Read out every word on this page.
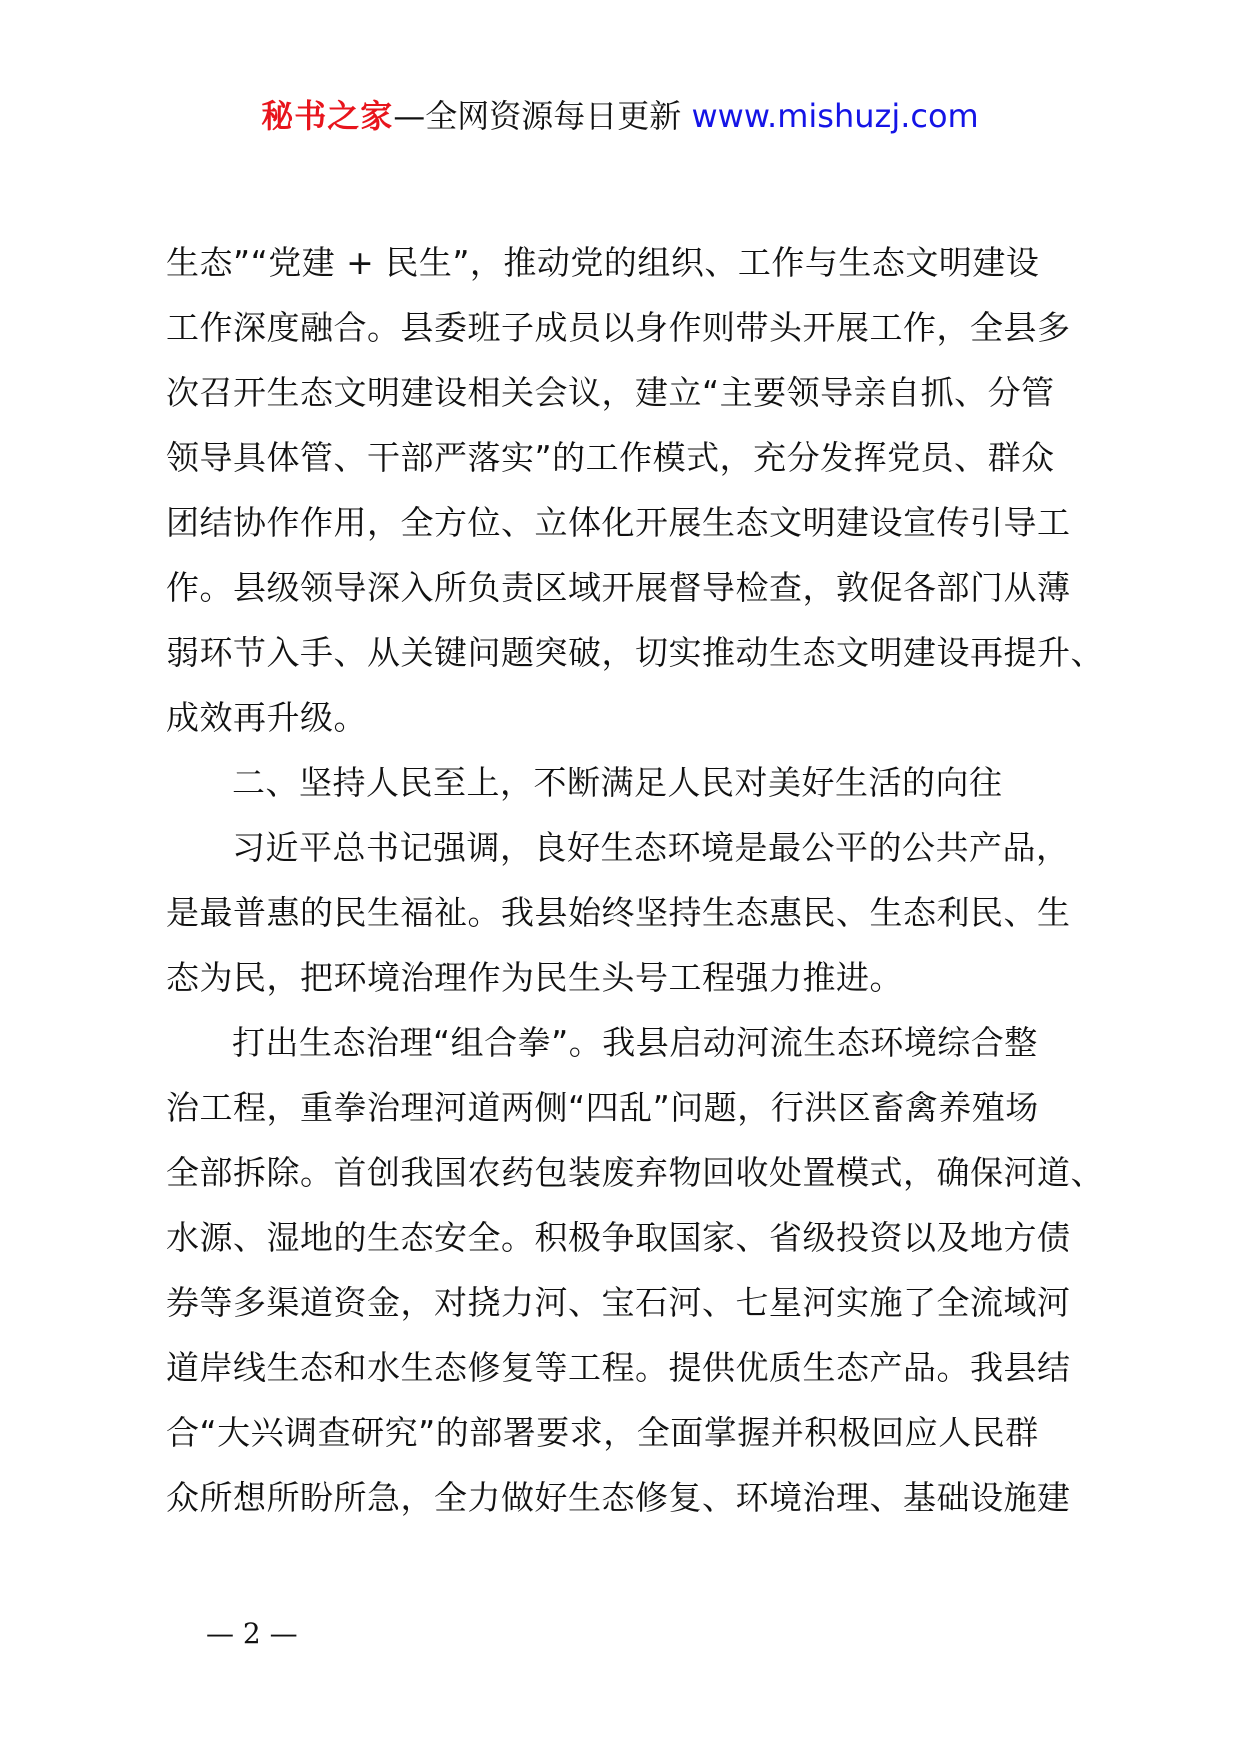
秘书之家—全网资源每日更新 www.mishuzj.com
生态”“党建 + 民生”，推动党的组织、工作与生态文明建设
工作深度融合。县委班子成员以身作则带头开展工作，全县多
次召开生态文明建设相关会议，建立“主要领导亲自抓、分管
领导具体管、干部严落实”的工作模式，充分发挥党员、群众
团结协作作用，全方位、立体化开展生态文明建设宣传引导工
作。县级领导深入所负责区域开展督导检查，敦促各部门从薄
弱环节入手、从关键问题突破，切实推动生态文明建设再提升、
成效再升级。
二、坚持人民至上，不断满足人民对美好生活的向往
习近平总书记强调，良好生态环境是最公平的公共产品，
是最普惠的民生福祉。我县始终坚持生态惠民、生态利民、生
态为民，把环境治理作为民生头号工程强力推进。
打出生态治理“组合拳”。我县启动河流生态环境综合整
治工程，重拳治理河道两侧“四乱”问题，行洪区畜禽养殖场
全部拆除。首创我国农药包装废弃物回收处置模式，确保河道、
水源、湿地的生态安全。积极争取国家、省级投资以及地方债
券等多渠道资金，对挠力河、宝石河、七星河实施了全流域河
道岸线生态和水生态修复等工程。提供优质生态产品。我县结
合“大兴调查研究”的部署要求，全面掌握并积极回应人民群
众所想所盼所急，全力做好生态修复、环境治理、基础设施建
— 2 —
